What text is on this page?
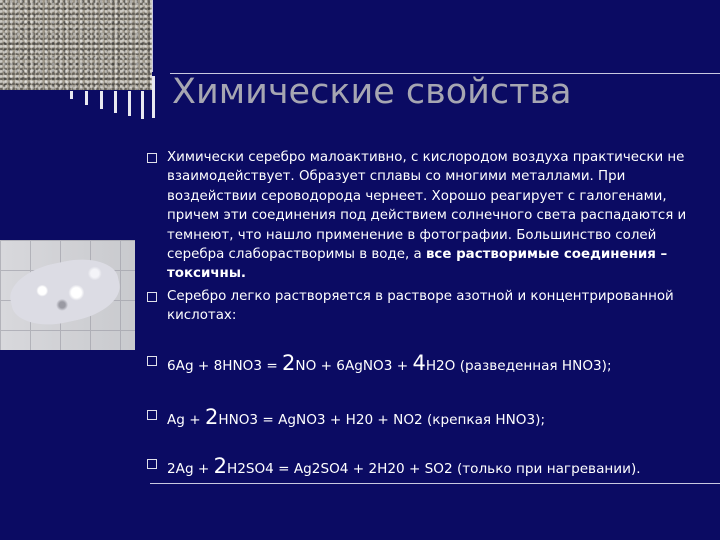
Химические свойства
Химически серебро малоактивно, с кислородом воздуха практически не взаимодействует. Образует сплавы со многими металлами. При воздействии сероводорода чернеет. Хорошо реагирует с галогенами, причем эти соединения под действием солнечного света распадаются и темнеют, что нашло применение в фотографии. Большинство солей серебра слаборастворимы в воде, а все растворимые соединения – токсичны.
Серебро легко растворяется в растворе азотной и концентрированной кислотах:
6Ag + 8HNO3 = 2NO + 6AgNO3 + 4H2O (разведенная HNO3);
Ag + 2HNO3 = AgNO3 + H20 + NO2 (крепкая HNO3);
2Ag + 2H2SO4 = Ag2SO4 + 2H20 + SO2 (только при нагревании).
